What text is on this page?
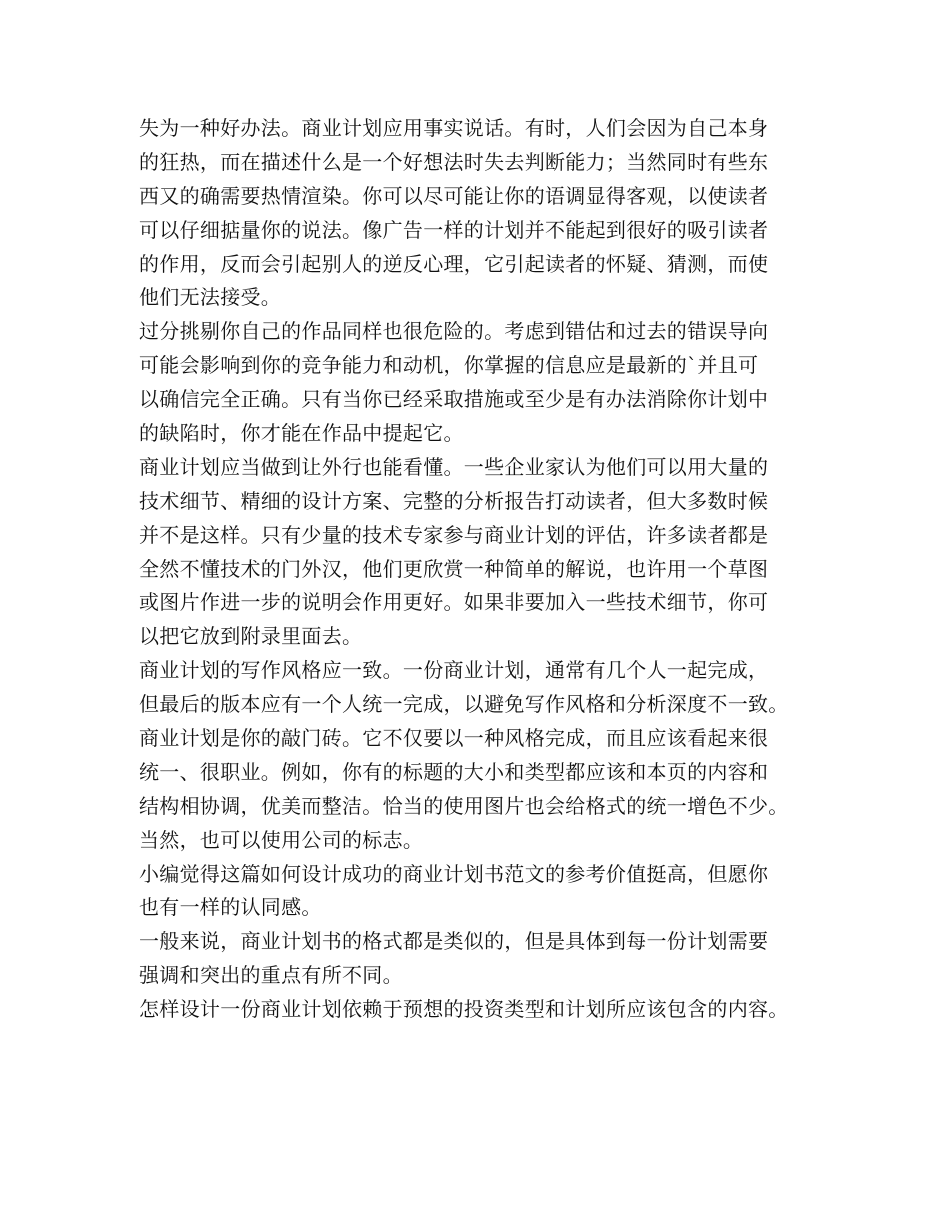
失为一种好办法。商业计划应用事实说话。有时，人们会因为自己本身
的狂热，而在描述什么是一个好想法时失去判断能力；当然同时有些东
西又的确需要热情渲染。你可以尽可能让你的语调显得客观，以使读者
可以仔细掂量你的说法。像广告一样的计划并不能起到很好的吸引读者
的作用，反而会引起别人的逆反心理，它引起读者的怀疑、猜测，而使
他们无法接受。
过分挑剔你自己的作品同样也很危险的。考虑到错估和过去的错误导向
可能会影响到你的竞争能力和动机，你掌握的信息应是最新的`并且可
以确信完全正确。只有当你已经采取措施或至少是有办法消除你计划中
的缺陷时，你才能在作品中提起它。
商业计划应当做到让外行也能看懂。一些企业家认为他们可以用大量的
技术细节、精细的设计方案、完整的分析报告打动读者，但大多数时候
并不是这样。只有少量的技术专家参与商业计划的评估，许多读者都是
全然不懂技术的门外汉，他们更欣赏一种简单的解说，也许用一个草图
或图片作进一步的说明会作用更好。如果非要加入一些技术细节，你可
以把它放到附录里面去。
商业计划的写作风格应一致。一份商业计划，通常有几个人一起完成，
但最后的版本应有一个人统一完成，以避免写作风格和分析深度不一致。
商业计划是你的敲门砖。它不仅要以一种风格完成，而且应该看起来很
统一、很职业。例如，你有的标题的大小和类型都应该和本页的内容和
结构相协调，优美而整洁。恰当的使用图片也会给格式的统一增色不少。
当然，也可以使用公司的标志。
小编觉得这篇如何设计成功的商业计划书范文的参考价值挺高，但愿你
也有一样的认同感。
一般来说，商业计划书的格式都是类似的，但是具体到每一份计划需要
强调和突出的重点有所不同。
怎样设计一份商业计划依赖于预想的投资类型和计划所应该包含的内容。
